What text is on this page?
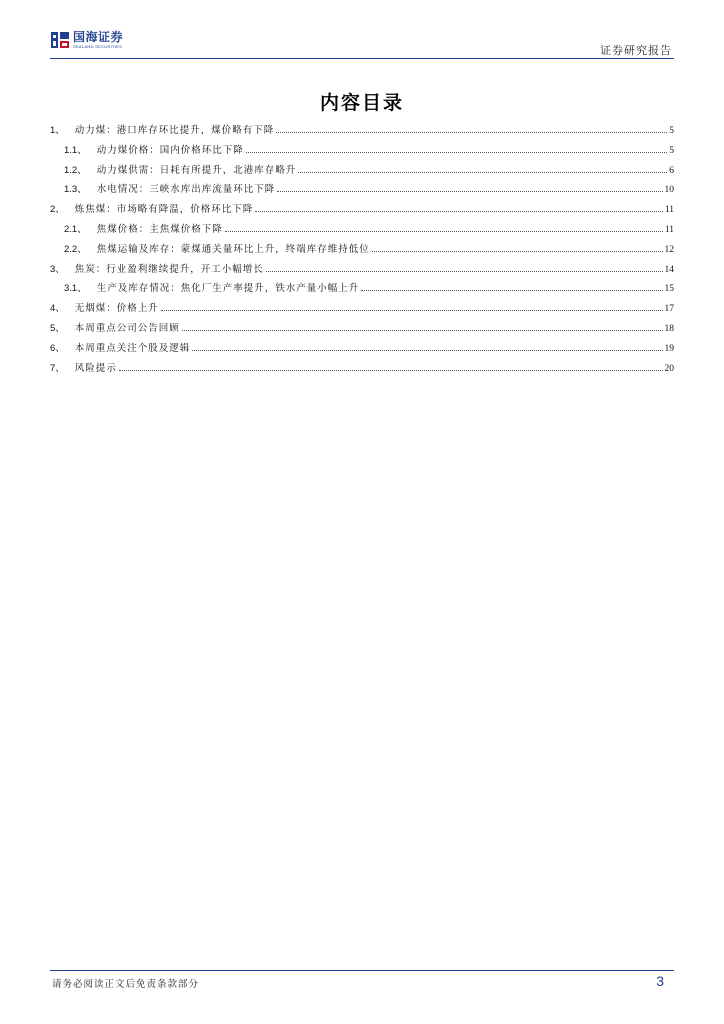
国海证券
SEALAND SECURITIES	证券研究报告
内容目录
1、 动力煤：港口库存环比提升，煤价略有下降	5
1.1、 动力煤价格：国内价格环比下降	5
1.2、 动力煤供需：日耗有所提升，北港库存略升	6
1.3、 水电情况：三峡水库出库流量环比下降	10
2、 炼焦煤：市场略有降温，价格环比下降	11
2.1、 焦煤价格：主焦煤价格下降	11
2.2、 焦煤运输及库存：蒙煤通关量环比上升，终端库存维持低位	12
3、 焦炭：行业盈利继续提升，开工小幅增长	14
3.1、 生产及库存情况：焦化厂生产率提升，铁水产量小幅上升	15
4、 无烟煤：价格上升	17
5、 本周重点公司公告回顾	18
6、 本周重点关注个股及逻辑	19
7、 风险提示	20
请务必阅读正文后免责条款部分	3
